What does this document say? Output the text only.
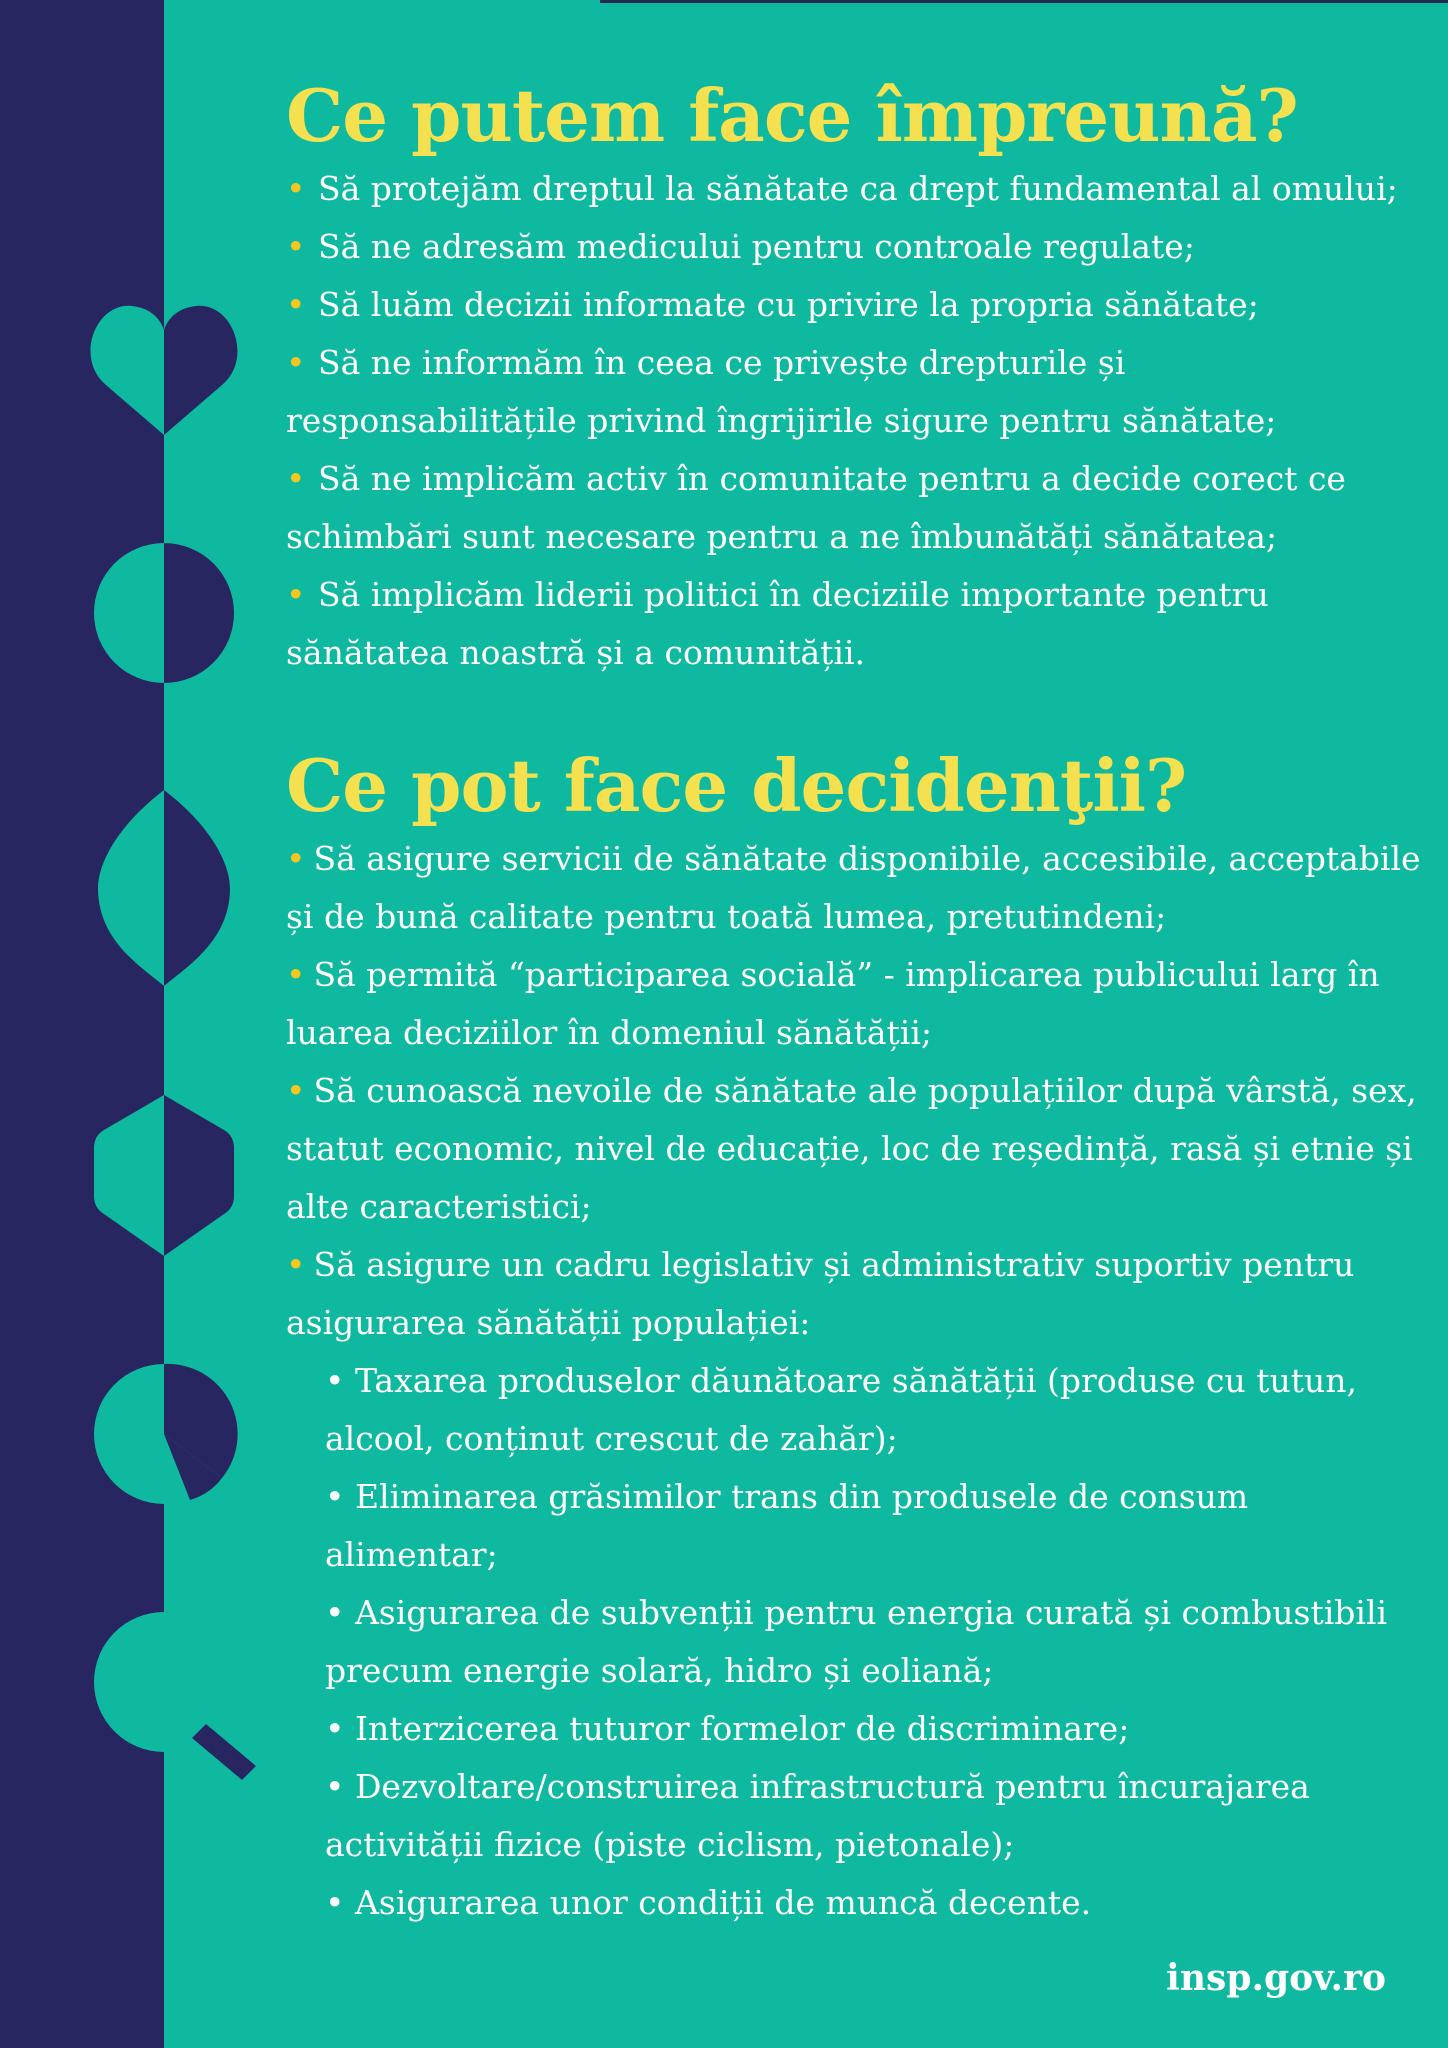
Ce putem face împreună?
• Să protejăm dreptul la sănătate ca drept fundamental al omului;
• Să ne adresăm medicului pentru controale regulate;
• Să luăm decizii informate cu privire la propria sănătate;
• Să ne informăm în ceea ce privește drepturile și responsabilitățile privind îngrijirile sigure pentru sănătate;
• Să ne implicăm activ în comunitate pentru a decide corect ce schimbări sunt necesare pentru a ne îmbunătăți sănătatea;
• Să implicăm liderii politici în deciziile importante pentru sănătatea noastră și a comunității.
Ce pot face decidenţii?
• Să asigure servicii de sănătate disponibile, accesibile, acceptabile și de bună calitate pentru toată lumea, pretutindeni;
• Să permită “participarea socială” - implicarea publicului larg în luarea deciziilor în domeniul sănătății;
• Să cunoască nevoile de sănătate ale populațiilor după vârstă, sex, statut economic, nivel de educație, loc de reședință, rasă și etnie și alte caracteristici;
• Să asigure un cadru legislativ și administrativ suportiv pentru asigurarea sănătății populației:
• Taxarea produselor dăunătoare sănătății (produse cu tutun, alcool, conținut crescut de zahăr);
• Eliminarea grăsimilor trans din produsele de consum alimentar;
• Asigurarea de subvenții pentru energia curată și combustibili precum energie solară, hidro și eoliană;
• Interzicerea tuturor formelor de discriminare;
• Dezvoltare/construirea infrastructură pentru încurajarea activității fizice (piste ciclism, pietonale);
• Asigurarea unor condiții de muncă decente.
insp.gov.ro
